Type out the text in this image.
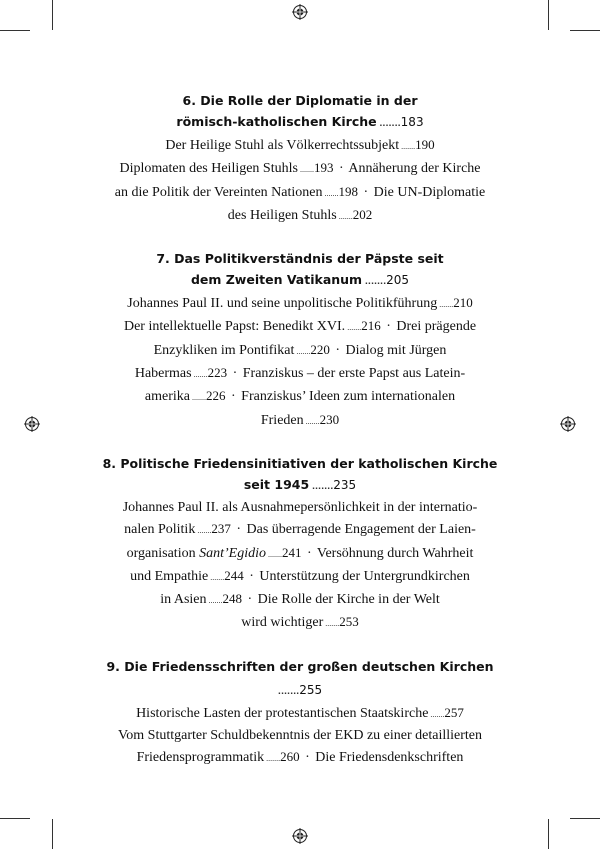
6. Die Rolle der Diplomatie in der

römisch-katholischen Kirche .......183

Der Heilige Stuhl als Völkerrechtssubjekt .......190

Diplomaten des Heiligen Stuhls .......193 · Annäherung der Kirche

an die Politik der Vereinten Nationen .......198 · Die UN-Diplomatie

des Heiligen Stuhls .......202

7. Das Politikverständnis der Päpste seit

dem Zweiten Vatikanum .......205

Johannes Paul II. und seine unpolitische Politikführung .......210

Der intellektuelle Papst: Benedikt XVI. .......216 · Drei prägende

Enzykliken im Pontifikat .......220 · Dialog mit Jürgen

Habermas .......223 · Franziskus – der erste Papst aus Latein-

amerika .......226 · Franziskus’ Ideen zum internationalen

Frieden .......230

8. Politische Friedensinitiativen der katholischen Kirche

seit 1945 .......235

Johannes Paul II. als Ausnahmepersönlichkeit in der internatio-

nalen Politik .......237 · Das überragende Engagement der Laien-

organisation Sant’Egidio .......241 · Versöhnung durch Wahrheit

und Empathie .......244 · Unterstützung der Untergrundkirchen

in Asien .......248 · Die Rolle der Kirche in der Welt

wird wichtiger .......253

9. Die Friedensschriften der großen deutschen Kirchen .......255

Historische Lasten der protestantischen Staatskirche .......257

Vom Stuttgarter Schuldbekenntnis der EKD zu einer detaillierten

Friedensprogrammatik .......260 · Die Friedensdenkschriften
